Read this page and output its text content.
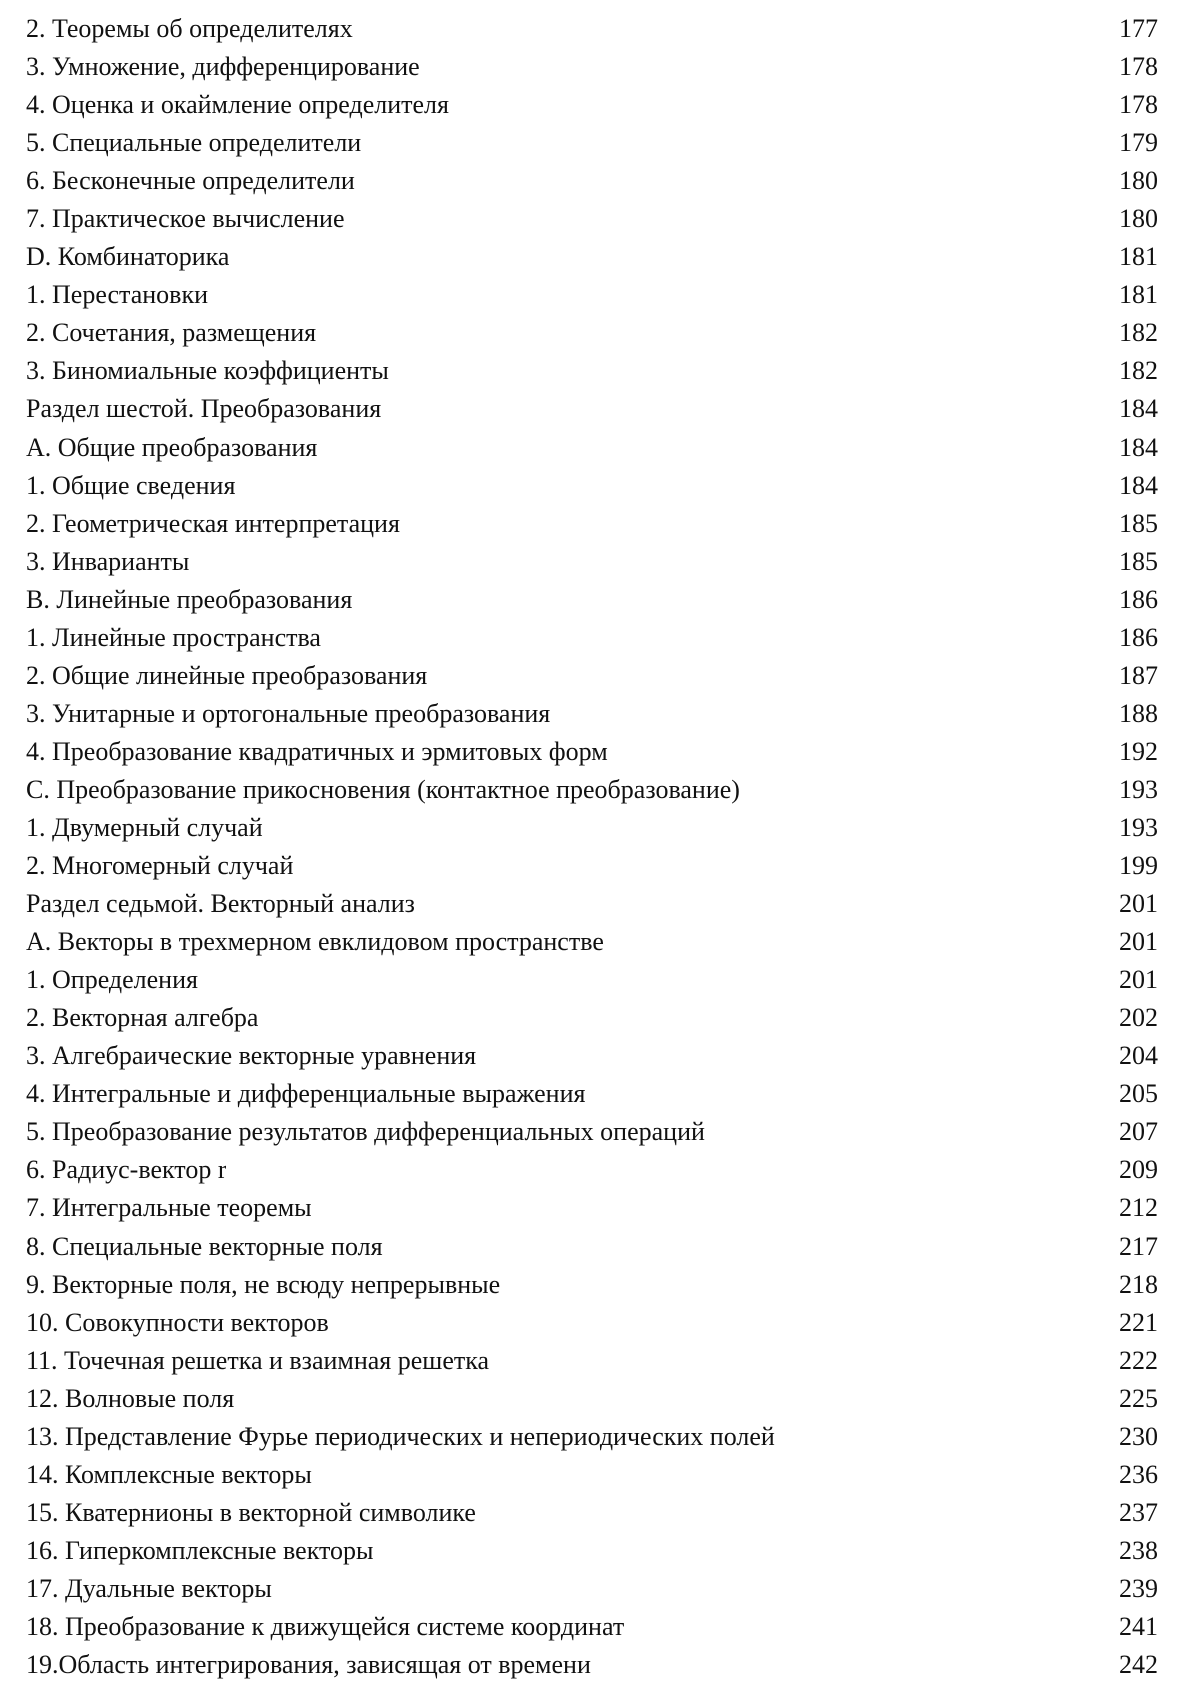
2. Теоремы об определителях	177
3. Умножение, дифференцирование	178
4. Оценка и окаймление определителя	178
5. Специальные определители	179
6. Бесконечные определители	180
7. Практическое вычисление	180
D. Комбинаторика	181
1. Перестановки	181
2. Сочетания, размещения	182
3. Биномиальные коэффициенты	182
Раздел шестой. Преобразования	184
А. Общие преобразования	184
1. Общие сведения	184
2. Геометрическая интерпретация	185
3. Инварианты	185
В. Линейные преобразования	186
1. Линейные пространства	186
2. Общие линейные преобразования	187
3. Унитарные и ортогональные преобразования	188
4. Преобразование квадратичных и эрмитовых форм	192
С. Преобразование прикосновения (контактное преобразование)	193
1. Двумерный случай	193
2. Многомерный случай	199
Раздел седьмой. Векторный анализ	201
А. Векторы в трехмерном евклидовом пространстве	201
1. Определения	201
2. Векторная алгебра	202
3. Алгебраические векторные уравнения	204
4. Интегральные и дифференциальные выражения	205
5. Преобразование результатов дифференциальных операций	207
6. Радиус-вектор r	209
7. Интегральные теоремы	212
8. Специальные векторные поля	217
9. Векторные поля, не всюду непрерывные	218
10. Совокупности векторов	221
11. Точечная решетка и взаимная решетка	222
12. Волновые поля	225
13. Представление Фурье периодических и непериодических полей	230
14. Комплексные векторы	236
15. Кватернионы в векторной символике	237
16. Гиперкомплексные векторы	238
17. Дуальные векторы	239
18. Преобразование к движущейся системе координат	241
19.Область интегрирования, зависящая от времени	242
